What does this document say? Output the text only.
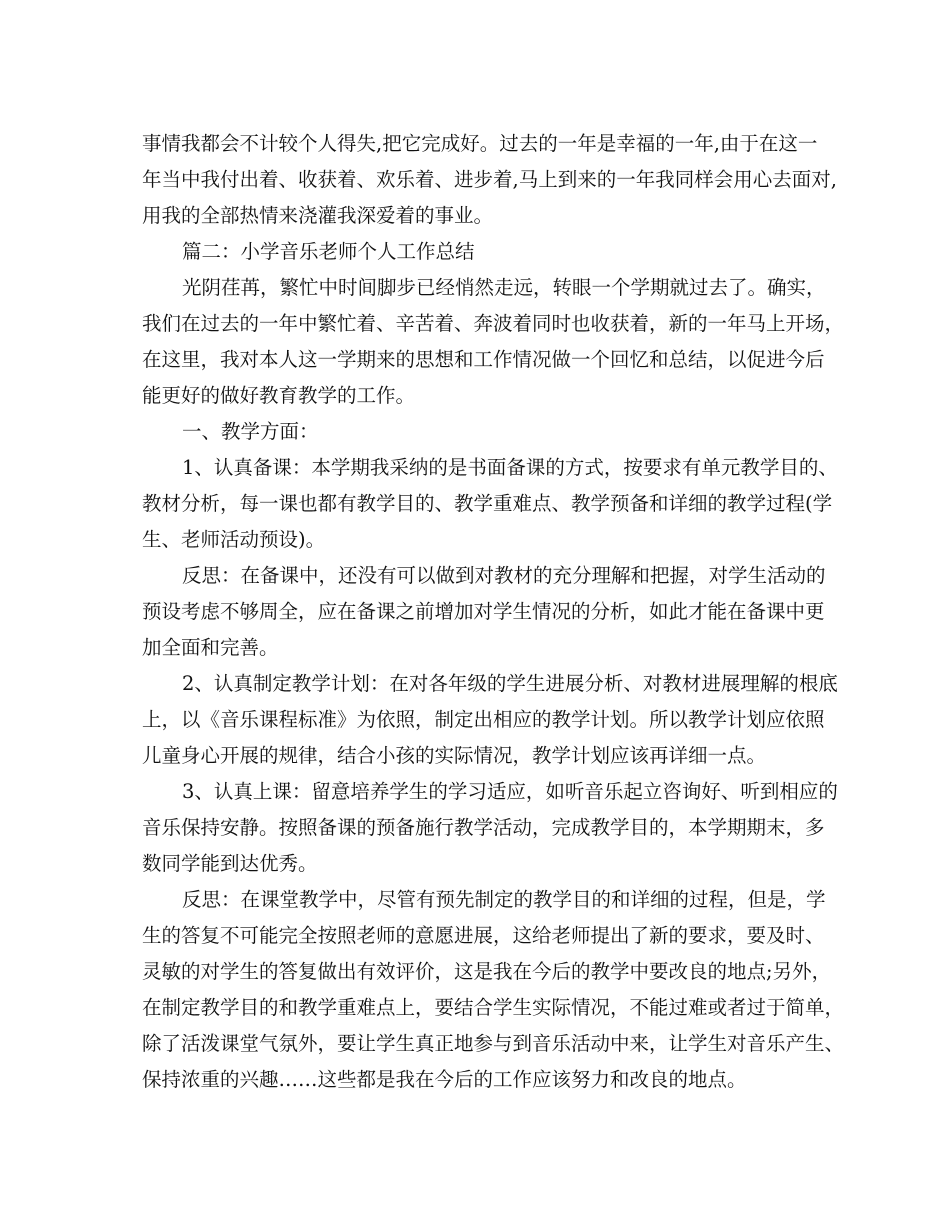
事情我都会不计较个人得失,把它完成好。过去的一年是幸福的一年,由于在这一
年当中我付出着、收获着、欢乐着、进步着,马上到来的一年我同样会用心去面对,
用我的全部热情来浇灌我深爱着的事业。
篇二：小学音乐老师个人工作总结
光阴荏苒，繁忙中时间脚步已经悄然走远，转眼一个学期就过去了。确实，
我们在过去的一年中繁忙着、辛苦着、奔波着同时也收获着，新的一年马上开场，
在这里，我对本人这一学期来的思想和工作情况做一个回忆和总结，以促进今后
能更好的做好教育教学的工作。
一、教学方面：
1、认真备课：本学期我采纳的是书面备课的方式，按要求有单元教学目的、
教材分析，每一课也都有教学目的、教学重难点、教学预备和详细的教学过程(学
生、老师活动预设)。
反思：在备课中，还没有可以做到对教材的充分理解和把握，对学生活动的
预设考虑不够周全，应在备课之前增加对学生情况的分析，如此才能在备课中更
加全面和完善。
2、认真制定教学计划：在对各年级的学生进展分析、对教材进展理解的根底
上，以《音乐课程标准》为依照，制定出相应的教学计划。所以教学计划应依照
儿童身心开展的规律，结合小孩的实际情况，教学计划应该再详细一点。
3、认真上课：留意培养学生的学习适应，如听音乐起立咨询好、听到相应的
音乐保持安静。按照备课的预备施行教学活动，完成教学目的，本学期期末，多
数同学能到达优秀。
反思：在课堂教学中，尽管有预先制定的教学目的和详细的过程，但是，学
生的答复不可能完全按照老师的意愿进展，这给老师提出了新的要求，要及时、
灵敏的对学生的答复做出有效评价，这是我在今后的教学中要改良的地点;另外，
在制定教学目的和教学重难点上，要结合学生实际情况，不能过难或者过于简单，
除了活泼课堂气氛外，要让学生真正地参与到音乐活动中来，让学生对音乐产生、
保持浓重的兴趣……这些都是我在今后的工作应该努力和改良的地点。
